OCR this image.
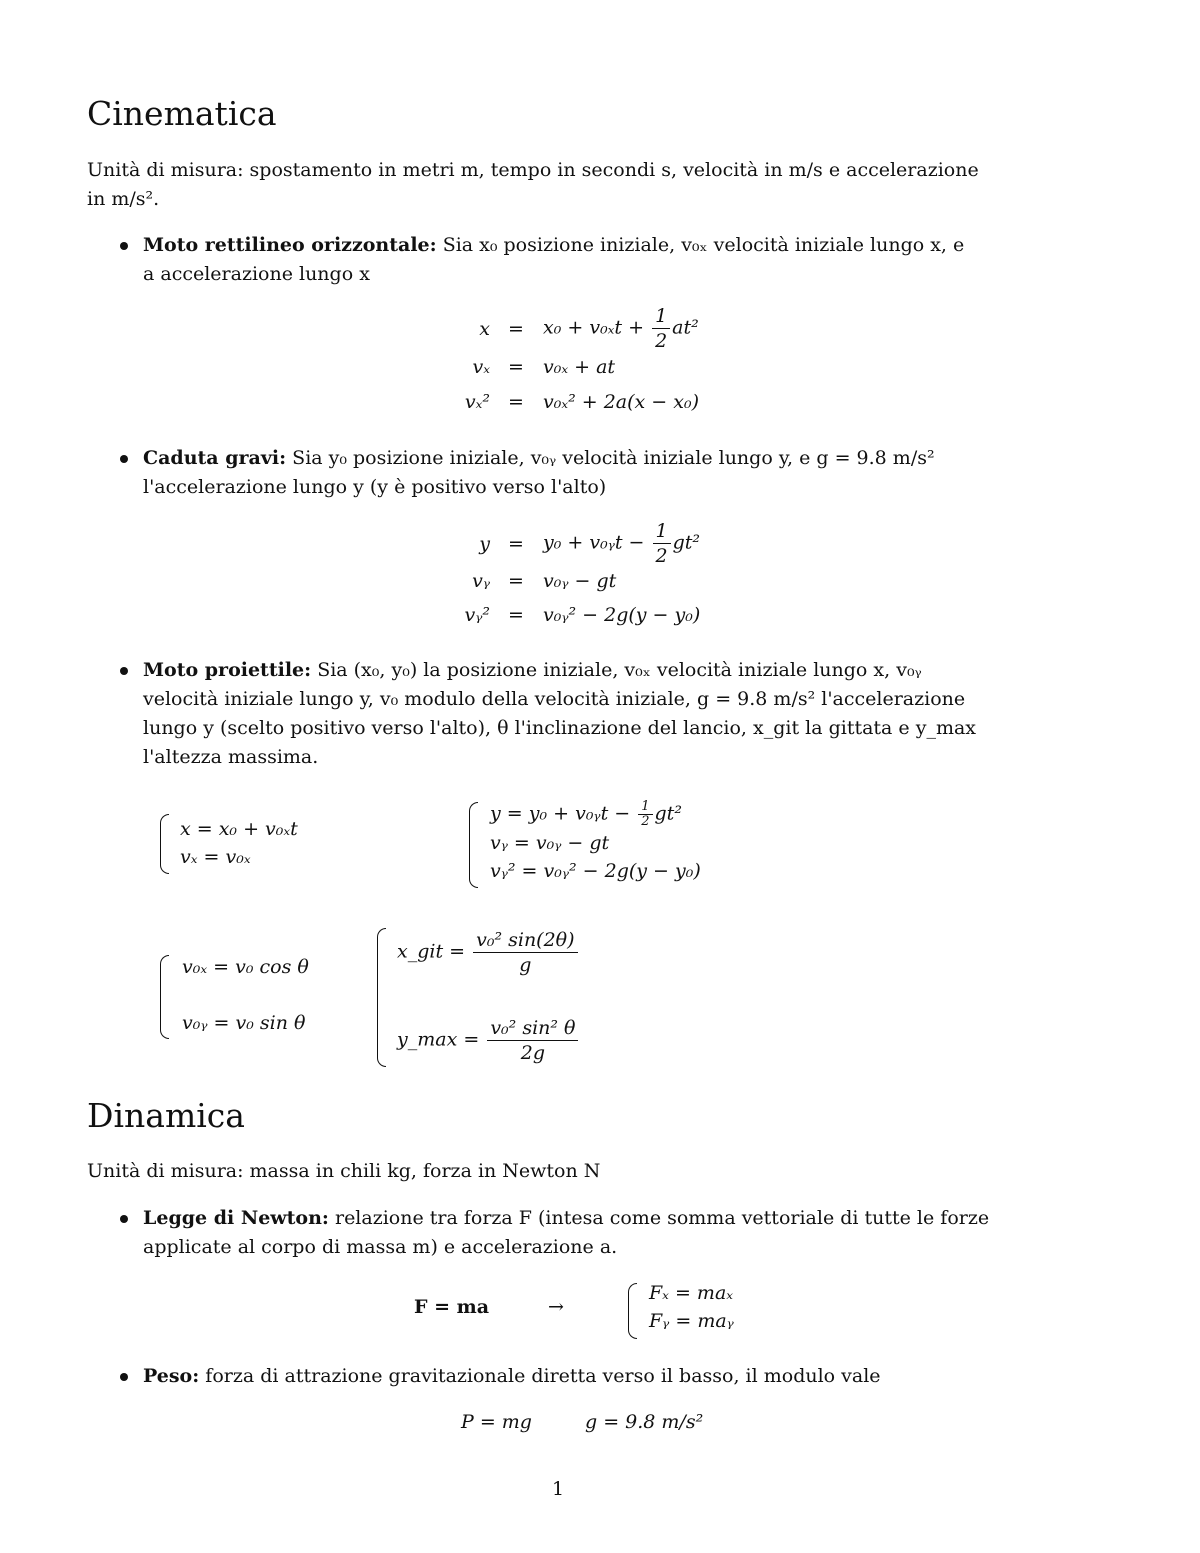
Cinematica
Unità di misura: spostamento in metri m, tempo in secondi s, velocità in m/s e accelerazione
in m/s².
Moto rettilineo orizzontale: Sia x₀ posizione iniziale, v₀ₓ velocità iniziale lungo x, e
a accelerazione lungo x
$x = x_0 + v_{0x}t + \frac{1}{2} at^2$
vₓ = v₀ₓ + at
vₓ² = v₀ₓ² + 2a(x − x₀)
Caduta gravi: Sia y₀ posizione iniziale, v₀ᵧ velocità iniziale lungo y, e g = 9.8 m/s²
l'accelerazione lungo y (y è positivo verso l'alto)
y = y₀ + v₀ᵧt − $\frac{1}{2} gt^2$
vᵧ = v₀ᵧ − gt
vᵧ² = v₀ᵧ² − 2g(y − y₀)
Moto proiettile: Sia (x₀, y₀) la posizione iniziale, v₀ₓ velocità iniziale lungo x, v₀ᵧ
velocità iniziale lungo y, v₀ modulo della velocità iniziale, g = 9.8 m/s² l'accelerazione
lungo y (scelto positivo verso l'alto), θ l'inclinazione del lancio, x_git la gittata e y_max
l'altezza massima.
x = x₀ + v₀ₓt
vₓ = v₀ₓ
y = y₀ + v₀ᵧt − $\frac{1}{2} gt^2$
vᵧ = v₀ᵧ − gt
vᵧ² = v₀ᵧ² − 2g(y − y₀)
v₀ₓ = v₀ cos θ
v₀ᵧ = v₀ sin θ
x_git = $\frac{\text{v₀² sin(2θ)}}{g}$
y_max = $\frac{\text{v₀² sin² θ}}{2g}$
Dinamica
Unità di misura: massa in chili kg, forza in Newton N
Legge di Newton: relazione tra forza F (intesa come somma vettoriale di tutte le forze
applicate al corpo di massa m) e accelerazione a.
F = ma	→
Fₓ = maₓ
Fᵧ = maᵧ
Peso: forza di attrazione gravitazionale diretta verso il basso, il modulo vale
P = mg	g = 9.8 m/s²
1
